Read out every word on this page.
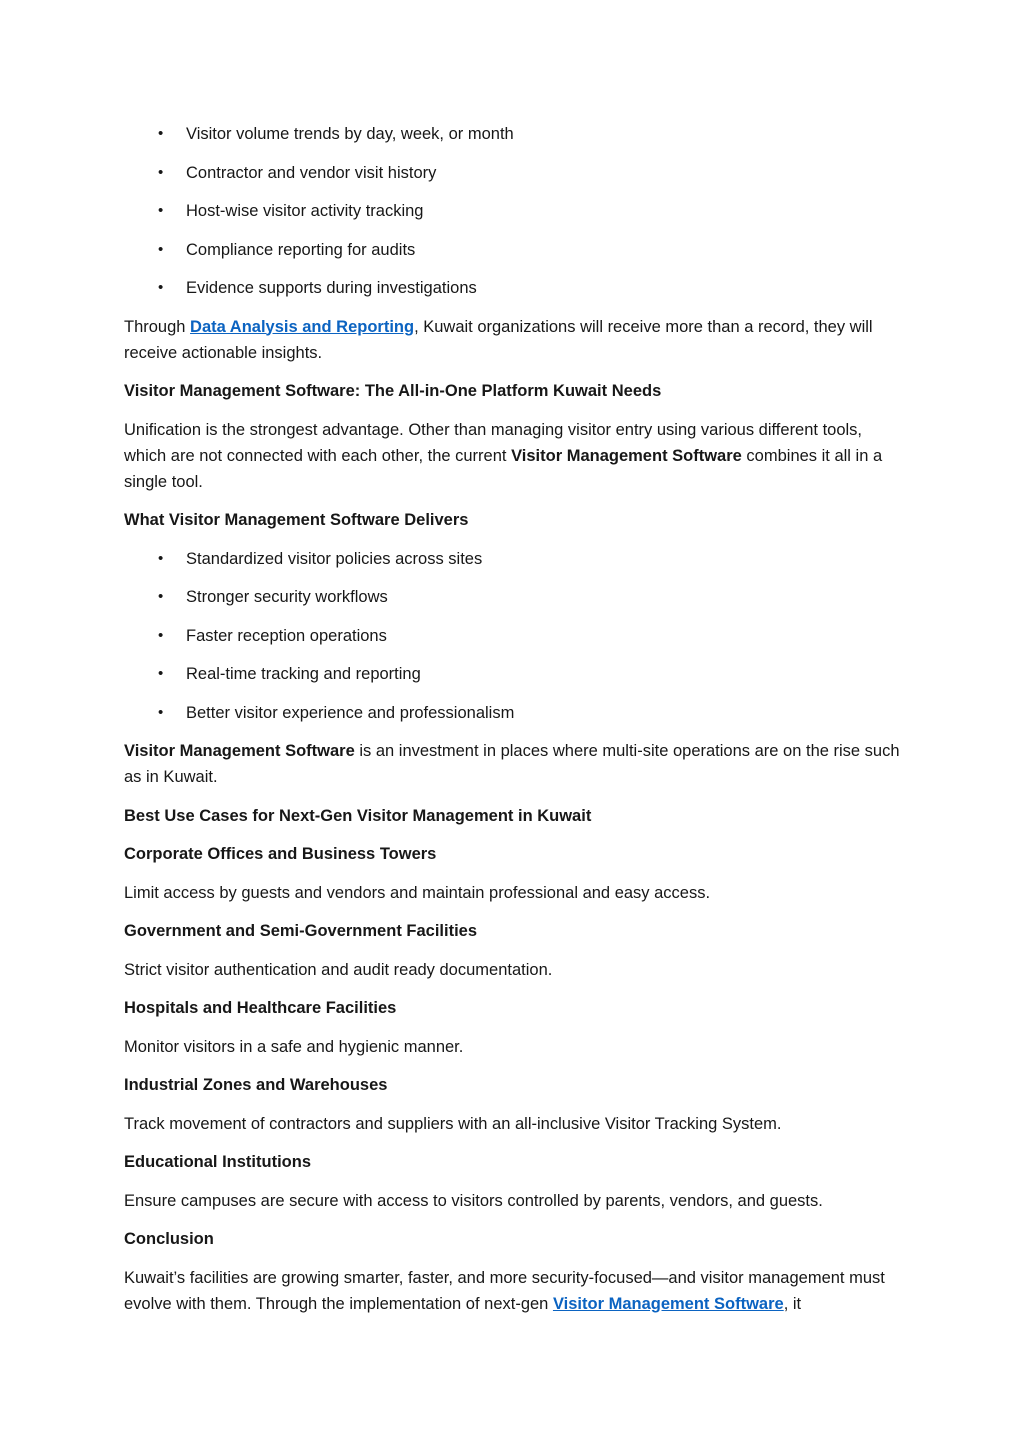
• Visitor volume trends by day, week, or month
• Contractor and vendor visit history
• Host-wise visitor activity tracking
• Compliance reporting for audits
• Evidence supports during investigations

Through Data Analysis and Reporting, Kuwait organizations will receive more than a record, they will receive actionable insights.

Visitor Management Software: The All-in-One Platform Kuwait Needs

Unification is the strongest advantage. Other than managing visitor entry using various different tools, which are not connected with each other, the current Visitor Management Software combines it all in a single tool.

What Visitor Management Software Delivers

• Standardized visitor policies across sites
• Stronger security workflows
• Faster reception operations
• Real-time tracking and reporting
• Better visitor experience and professionalism

Visitor Management Software is an investment in places where multi-site operations are on the rise such as in Kuwait.

Best Use Cases for Next-Gen Visitor Management in Kuwait

Corporate Offices and Business Towers

Limit access by guests and vendors and maintain professional and easy access.

Government and Semi-Government Facilities

Strict visitor authentication and audit ready documentation.

Hospitals and Healthcare Facilities

Monitor visitors in a safe and hygienic manner.

Industrial Zones and Warehouses

Track movement of contractors and suppliers with an all-inclusive Visitor Tracking System.

Educational Institutions

Ensure campuses are secure with access to visitors controlled by parents, vendors, and guests.

Conclusion

Kuwait’s facilities are growing smarter, faster, and more security-focused—and visitor management must evolve with them. Through the implementation of next-gen Visitor Management Software, it
